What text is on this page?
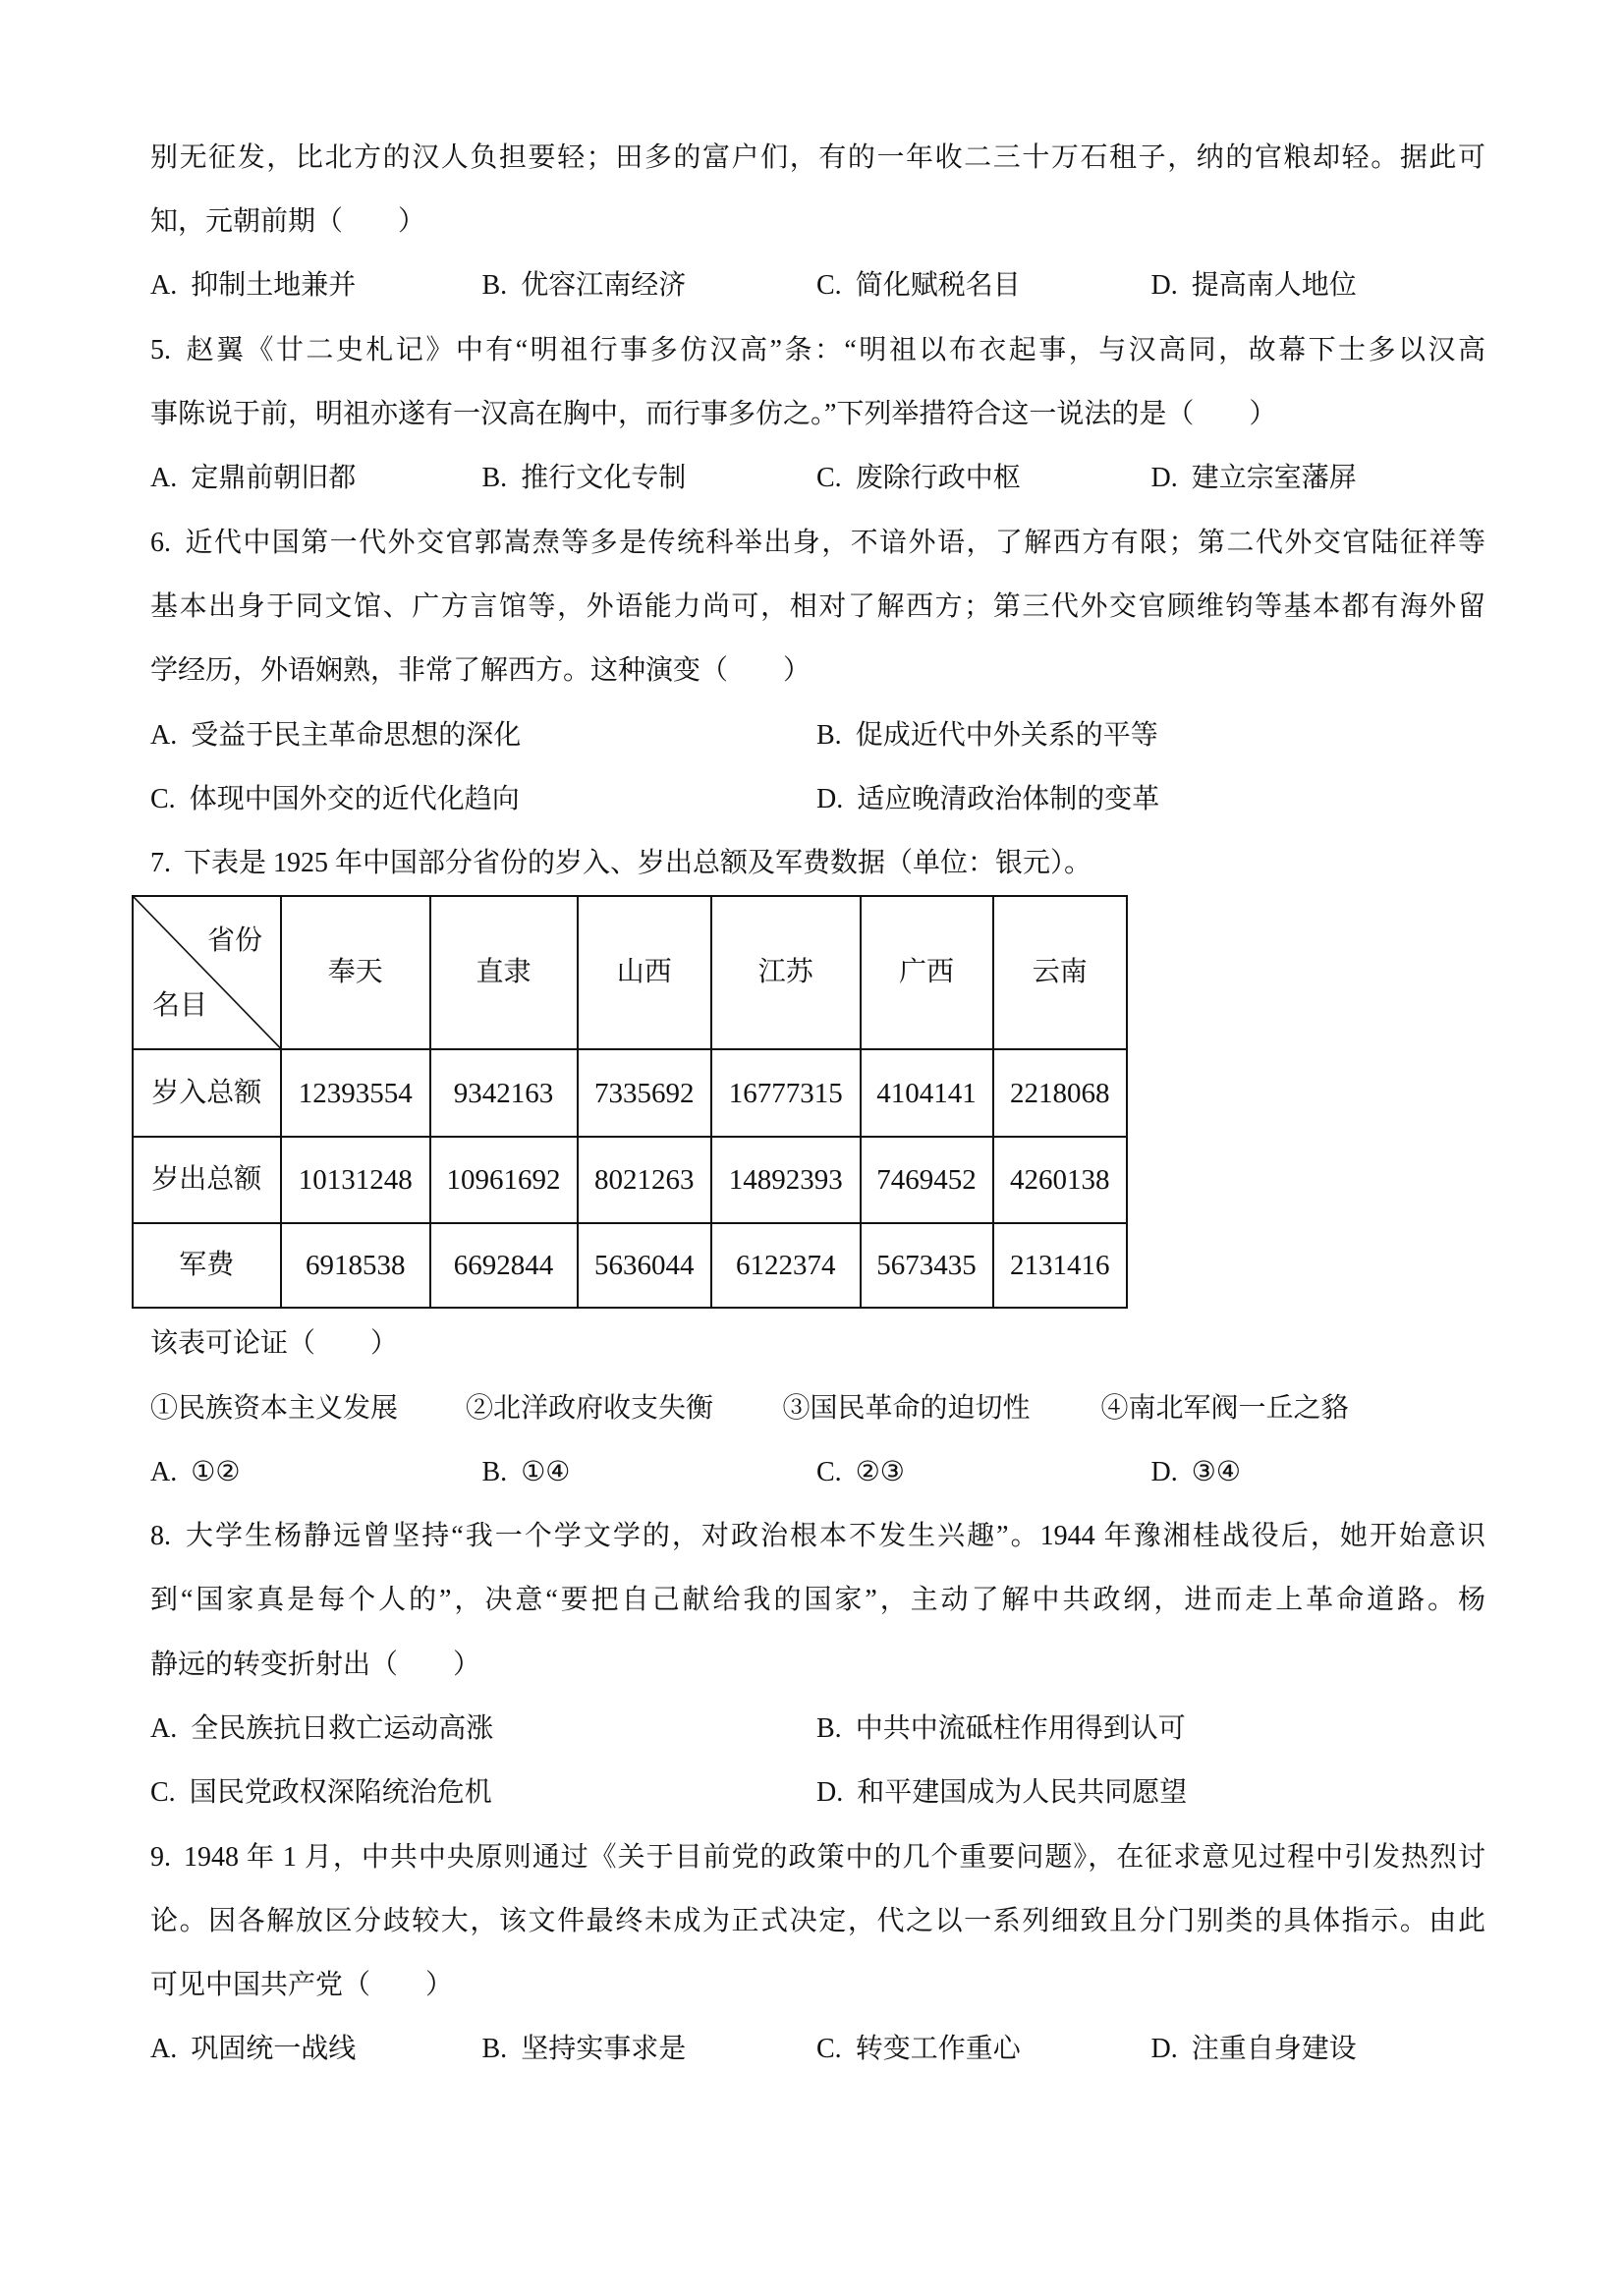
别无征发，比北方的汉人负担要轻；田多的富户们，有的一年收二三十万石租子，纳的官粮却轻。据此可
知，元朝前期（　　）
A. 抑制土地兼并	B. 优容江南经济	C. 简化赋税名目	D. 提高南人地位
5. 赵翼《廿二史札记》中有“明祖行事多仿汉高”条：“明祖以布衣起事，与汉高同，故幕下士多以汉高
事陈说于前，明祖亦遂有一汉高在胸中，而行事多仿之。”下列举措符合这一说法的是（　　）
A. 定鼎前朝旧都	B. 推行文化专制	C. 废除行政中枢	D. 建立宗室藩屏
6. 近代中国第一代外交官郭嵩焘等多是传统科举出身，不谙外语，了解西方有限；第二代外交官陆征祥等
基本出身于同文馆、广方言馆等，外语能力尚可，相对了解西方；第三代外交官顾维钧等基本都有海外留
学经历，外语娴熟，非常了解西方。这种演变（　　）
A. 受益于民主革命思想的深化	B. 促成近代中外关系的平等
C. 体现中国外交的近代化趋向	D. 适应晚清政治体制的变革
7. 下表是 1925 年中国部分省份的岁入、岁出总额及军费数据（单位：银元）。
省份
名目	奉天	直隶	山西	江苏	广西	云南
岁入总额	12393554	9342163	7335692	16777315	4104141	2218068
岁出总额	10131248	10961692	8021263	14892393	7469452	4260138
军费	6918538	6692844	5636044	6122374	5673435	2131416
该表可论证（　　）
①民族资本主义发展	②北洋政府收支失衡	③国民革命的迫切性	④南北军阀一丘之貉
A. ①②	B. ①④	C. ②③	D. ③④
8. 大学生杨静远曾坚持“我一个学文学的，对政治根本不发生兴趣”。1944 年豫湘桂战役后，她开始意识
到“国家真是每个人的”，决意“要把自己献给我的国家”，主动了解中共政纲，进而走上革命道路。杨
静远的转变折射出（　　）
A. 全民族抗日救亡运动高涨	B. 中共中流砥柱作用得到认可
C. 国民党政权深陷统治危机	D. 和平建国成为人民共同愿望
9. 1948 年 1 月，中共中央原则通过《关于目前党的政策中的几个重要问题》，在征求意见过程中引发热烈讨
论。因各解放区分歧较大，该文件最终未成为正式决定，代之以一系列细致且分门别类的具体指示。由此
可见中国共产党（　　）
A. 巩固统一战线	B. 坚持实事求是	C. 转变工作重心	D. 注重自身建设
